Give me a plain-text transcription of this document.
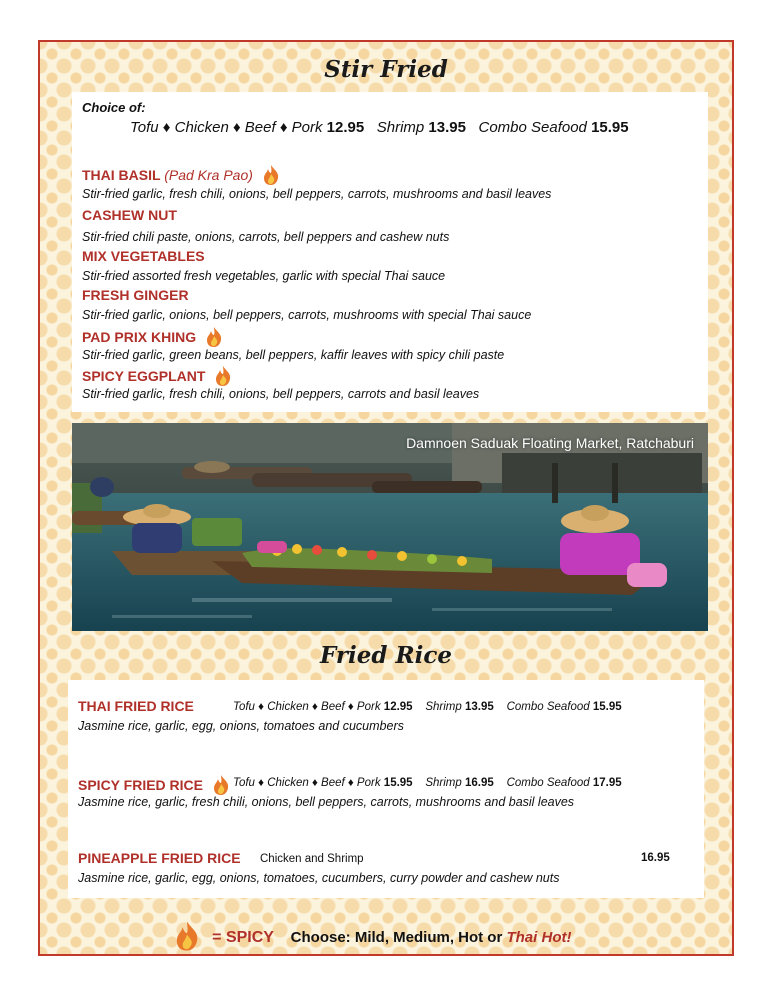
Stir Fried
Choice of:
Tofu ♦ Chicken ♦ Beef ♦ Pork 12.95 Shrimp 13.95 Combo Seafood 15.95
THAI BASIL (Pad Kra Pao)
Stir-fried garlic, fresh chili, onions, bell peppers, carrots, mushrooms and basil leaves
CASHEW NUT
Stir-fried chili paste, onions, carrots, bell peppers and cashew nuts
MIX VEGETABLES
Stir-fried assorted fresh vegetables, garlic with special Thai sauce
FRESH GINGER
Stir-fried garlic, onions, bell peppers, carrots, mushrooms with special Thai sauce
PAD PRIX KHING
Stir-fried garlic, green beans, bell peppers, kaffir leaves with spicy chili paste
SPICY EGGPLANT
Stir-fried garlic, fresh chili, onions, bell peppers, carrots and basil leaves
Damnoen Saduak Floating Market, Ratchaburi
Fried Rice
THAI FRIED RICE	Tofu ♦ Chicken ♦ Beef ♦ Pork 12.95 Shrimp 13.95 Combo Seafood 15.95
Jasmine rice, garlic, egg, onions, tomatoes and cucumbers
SPICY FRIED RICE	Tofu ♦ Chicken ♦ Beef ♦ Pork 15.95 Shrimp 16.95 Combo Seafood 17.95
Jasmine rice, garlic, fresh chili, onions, bell peppers, carrots, mushrooms and basil leaves
PINEAPPLE FRIED RICE Chicken and Shrimp	16.95
Jasmine rice, garlic, egg, onions, tomatoes, cucumbers, curry powder and cashew nuts
= SPICY Choose: Mild, Medium, Hot or Thai Hot!
